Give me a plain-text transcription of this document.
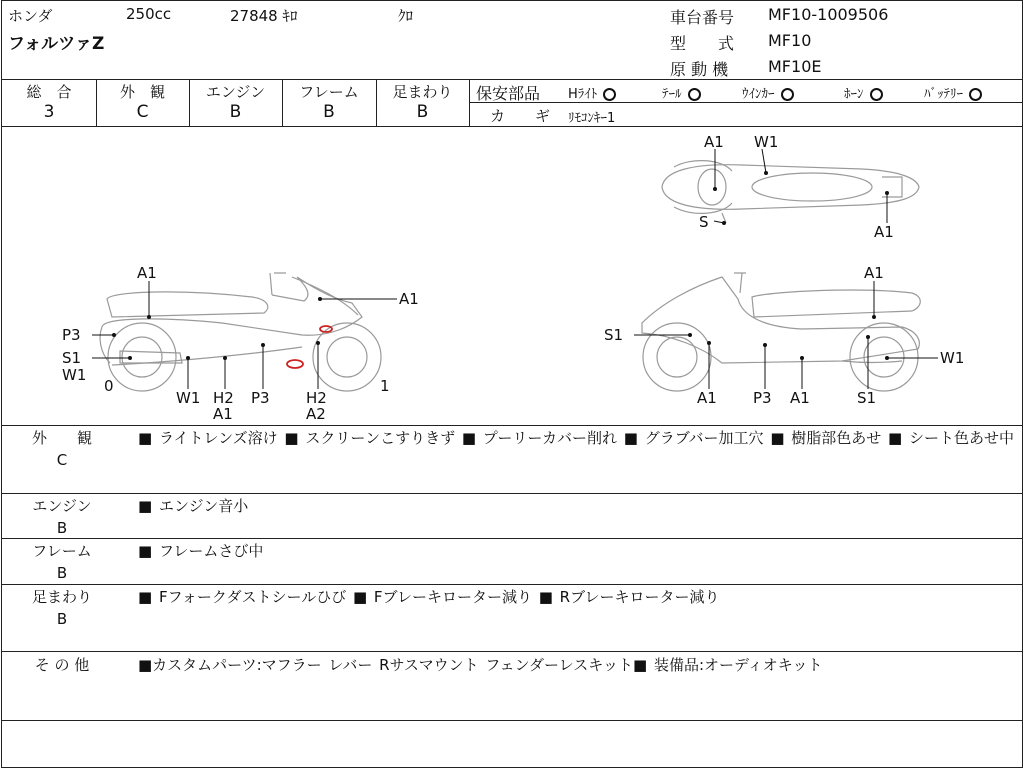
ホンダ	250cc	27848 ｷﾛ	ｸﾛ
フォルツァZ
車台番号 MF10-1009506
型　　式 MF10
原 動 機 MF10E
総　合	外　観	エンジン	フレーム	足まわり
3	C	B	B	B
保安部品 Hﾗｲﾄ	ﾃｰﾙ	ｳｲﾝｶｰ	ﾎｰﾝ	ﾊﾞｯﾃﾘｰ
カ　　ギ ﾘﾓｺﾝｷｰ1
A1 W1
S
A1
A1
A1
P3
S1
W1
0	1
W1 H2
A1
P3 H2
A2
A1
S1
W1
A1 P3 A1	S1
外　　観
C
■ ライトレンズ溶け ■ スクリーンこすりきず ■ プーリーカバー削れ ■ グラブバー加工穴 ■ 樹脂部色あせ ■ シート色あせ中
エンジン
B
■ エンジン音小
フレーム
B
■ フレームさび中
足まわり
B
■ Fフォークダストシールひび ■ Fブレーキローター減り ■ Rブレーキローター減り
そ の 他	■カスタムパーツ:マフラー レバー Rサスマウント フェンダーレスキット■ 装備品:オーディオキット
